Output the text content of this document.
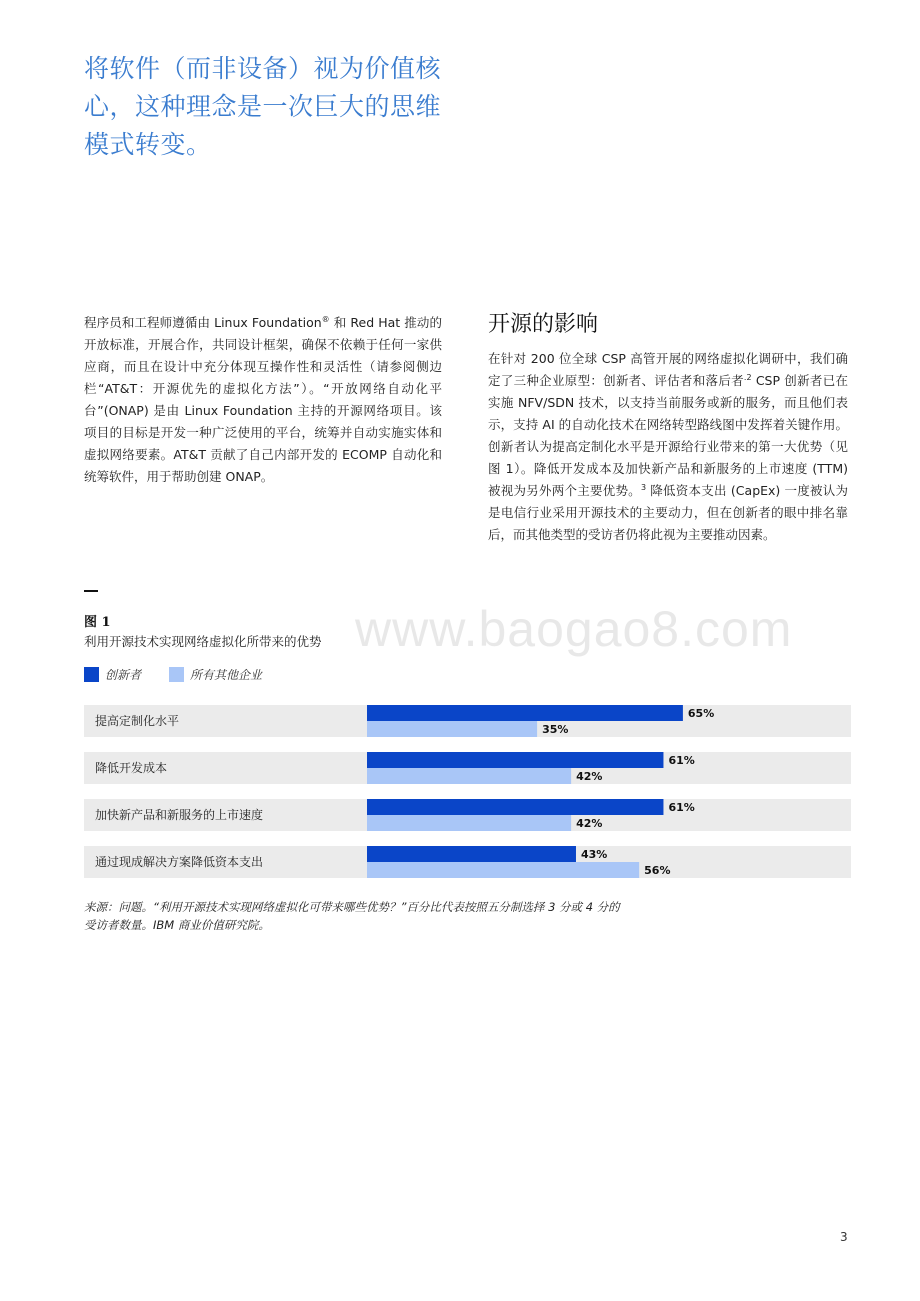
将软件（而非设备）视为价值核心，这种理念是一次巨大的思维模式转变。
程序员和工程师遵循由 Linux Foundation® 和 Red Hat 推动的开放标准，开展合作，共同设计框架，确保不依赖于任何一家供应商，而且在设计中充分体现互操作性和灵活性（请参阅侧边栏“AT&T：开源优先的虚拟化方法”）。“开放网络自动化平台”(ONAP) 是由 Linux Foundation 主持的开源网络项目。该项目的目标是开发一种广泛使用的平台，统筹并自动实施实体和虚拟网络要素。AT&T 贡献了自己内部开发的 ECOMP 自动化和统筹软件，用于帮助创建 ONAP。
开源的影响
在针对 200 位全球 CSP 高管开展的网络虚拟化调研中，我们确定了三种企业原型：创新者、评估者和落后者$^{.2}$ CSP 创新者已在实施 NFV/SDN 技术，以支持当前服务或新的服务，而且他们表示，支持 AI 的自动化技术在网络转型路线图中发挥着关键作用。创新者认为提高定制化水平是开源给行业带来的第一大优势（见图 1）。降低开发成本及加快新产品和新服务的上市速度 (TTM) 被视为另外两个主要优势。$^3$ 降低资本支出 (CapEx) 一度被认为是电信行业采用开源技术的主要动力，但在创新者的眼中排名靠后，而其他类型的受访者仍将此视为主要推动因素。
图 1
利用开源技术实现网络虚拟化所带来的优势 www.baogao8.com
创新者	所有其他企业
提高定制化水平
65%
35%
降低开发成本
61%
42%
加快新产品和新服务的上市速度
61%
42%
通过现成解决方案降低资本支出
43%
56%
来源：问题。“利用开源技术实现网络虚拟化可带来哪些优势？”百分比代表按照五分制选择 3 分或 4 分的
受访者数量。IBM 商业价值研究院。
3
